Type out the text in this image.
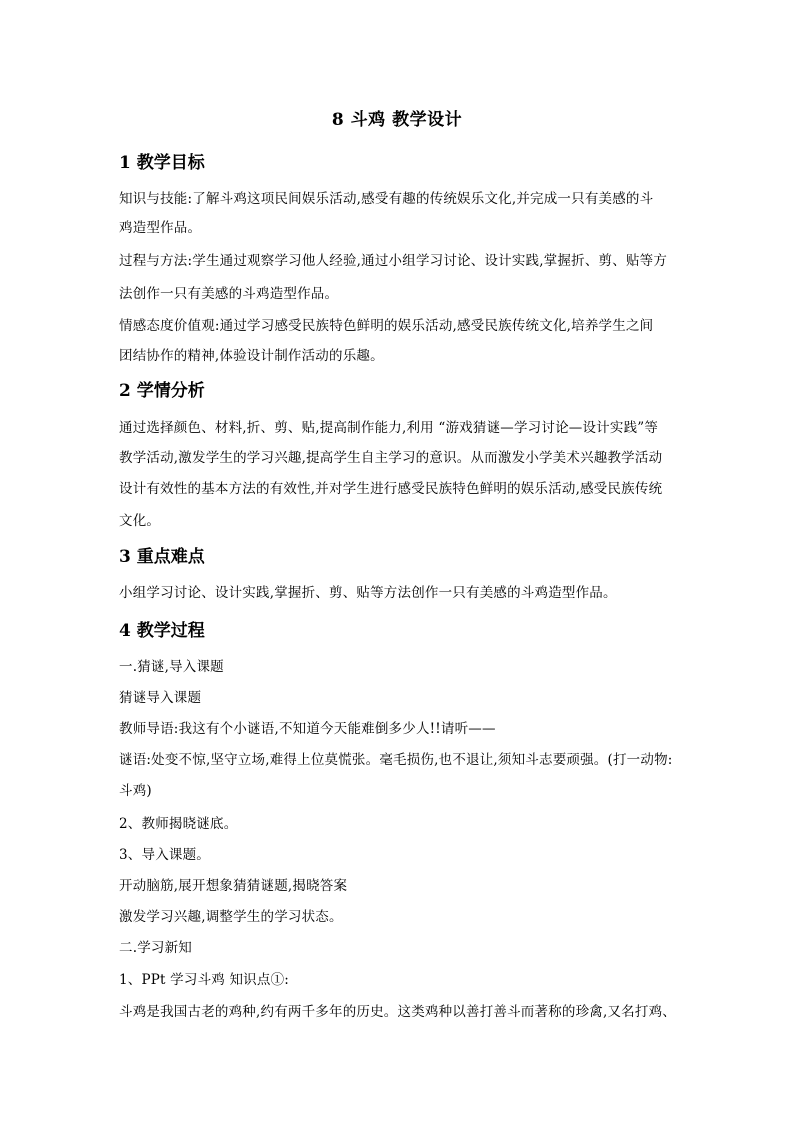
8 斗鸡 教学设计
1 教学目标
知识与技能:了解斗鸡这项民间娱乐活动,感受有趣的传统娱乐文化,并完成一只有美感的斗
鸡造型作品。
过程与方法:学生通过观察学习他人经验,通过小组学习讨论、设计实践,掌握折、剪、贴等方
法创作一只有美感的斗鸡造型作品。
情感态度价值观:通过学习感受民族特色鲜明的娱乐活动,感受民族传统文化,培养学生之间
团结协作的精神,体验设计制作活动的乐趣。
2 学情分析
通过选择颜色、材料,折、剪、贴,提高制作能力,利用 “游戏猜谜—学习讨论—设计实践”等
教学活动,激发学生的学习兴趣,提高学生自主学习的意识。从而激发小学美术兴趣教学活动
设计有效性的基本方法的有效性,并对学生进行感受民族特色鲜明的娱乐活动,感受民族传统
文化。
3 重点难点
小组学习讨论、设计实践,掌握折、剪、贴等方法创作一只有美感的斗鸡造型作品。
4 教学过程
一.猜谜,导入课题
猜谜导入课题
教师导语:我这有个小谜语,不知道今天能难倒多少人!!请听——
谜语:处变不惊,坚守立场,难得上位莫慌张。毫毛损伤,也不退让,须知斗志要顽强。(打一动物:
斗鸡)
2、教师揭晓谜底。
3、导入课题。
开动脑筋,展开想象猜猜谜题,揭晓答案
激发学习兴趣,调整学生的学习状态。
二.学习新知
1、PPt 学习斗鸡 知识点①:
斗鸡是我国古老的鸡种,约有两千多年的历史。这类鸡种以善打善斗而著称的珍禽,又名打鸡、
